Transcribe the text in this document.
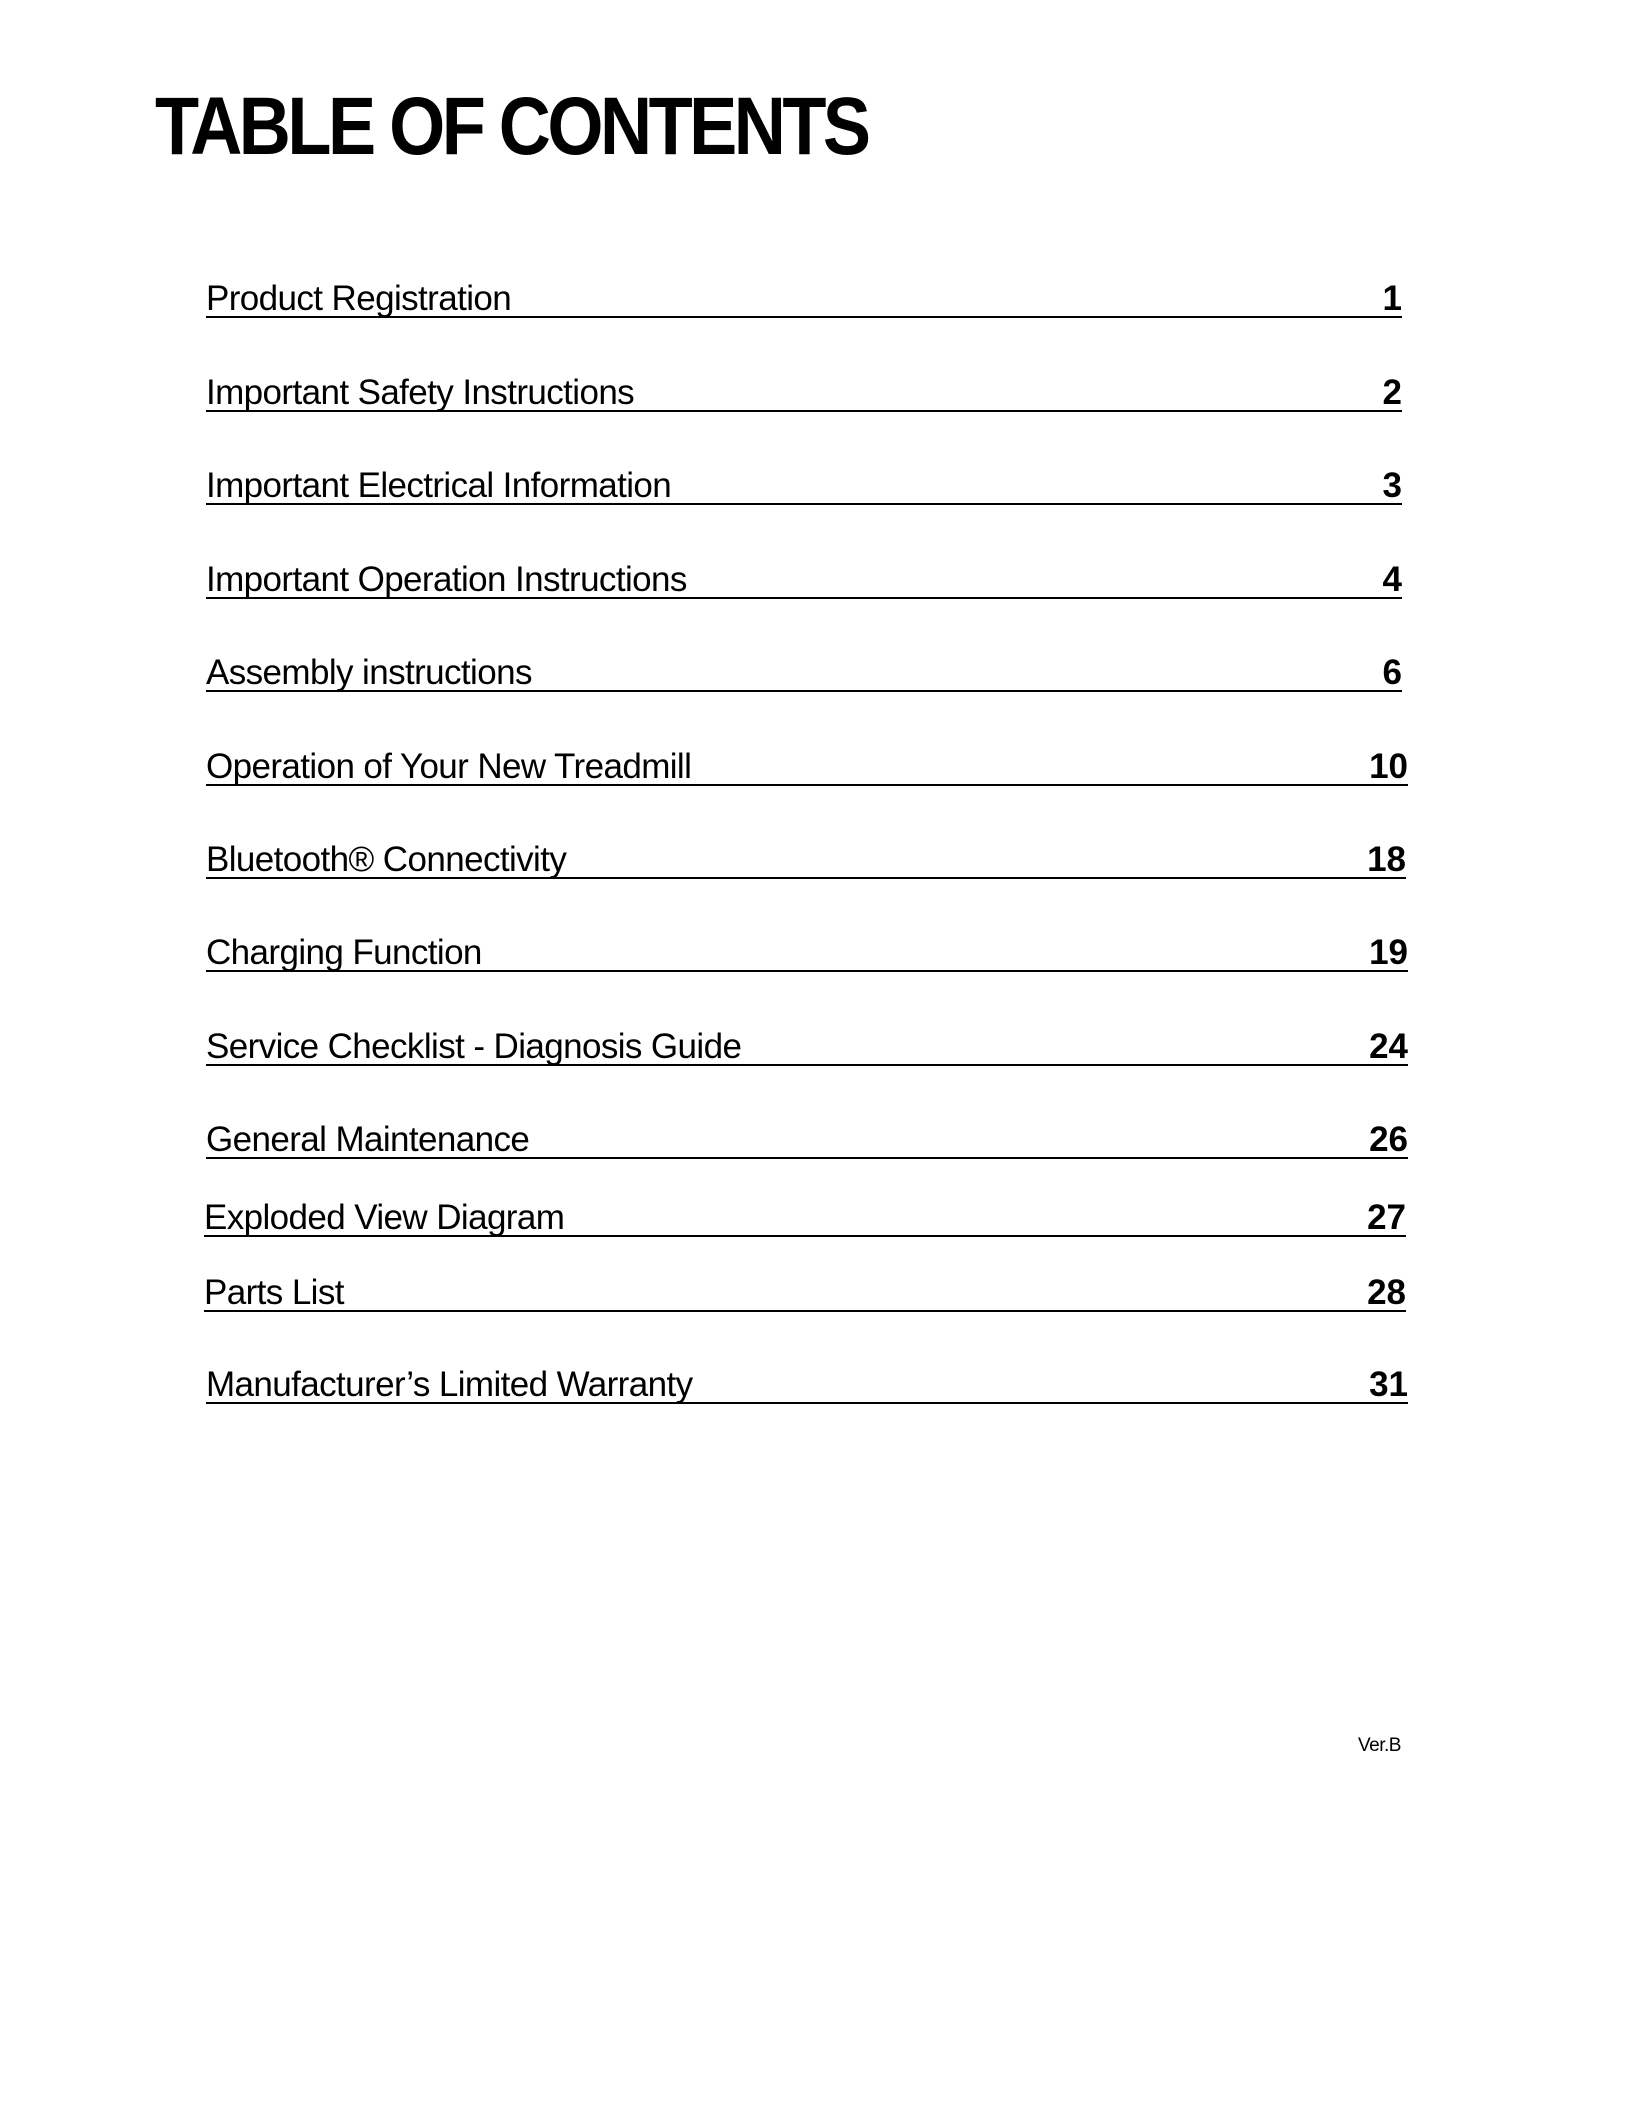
TABLE OF CONTENTS
Product Registration	1
Important Safety Instructions	2
Important Electrical Information	3
Important Operation Instructions	4
Assembly instructions	6
Operation of Your New Treadmill	10
Bluetooth® Connectivity	18
Charging Function	19
Service Checklist - Diagnosis Guide	24
General Maintenance	26
Exploded View Diagram	27
Parts List	28
Manufacturer’s Limited Warranty	31
Ver.B
